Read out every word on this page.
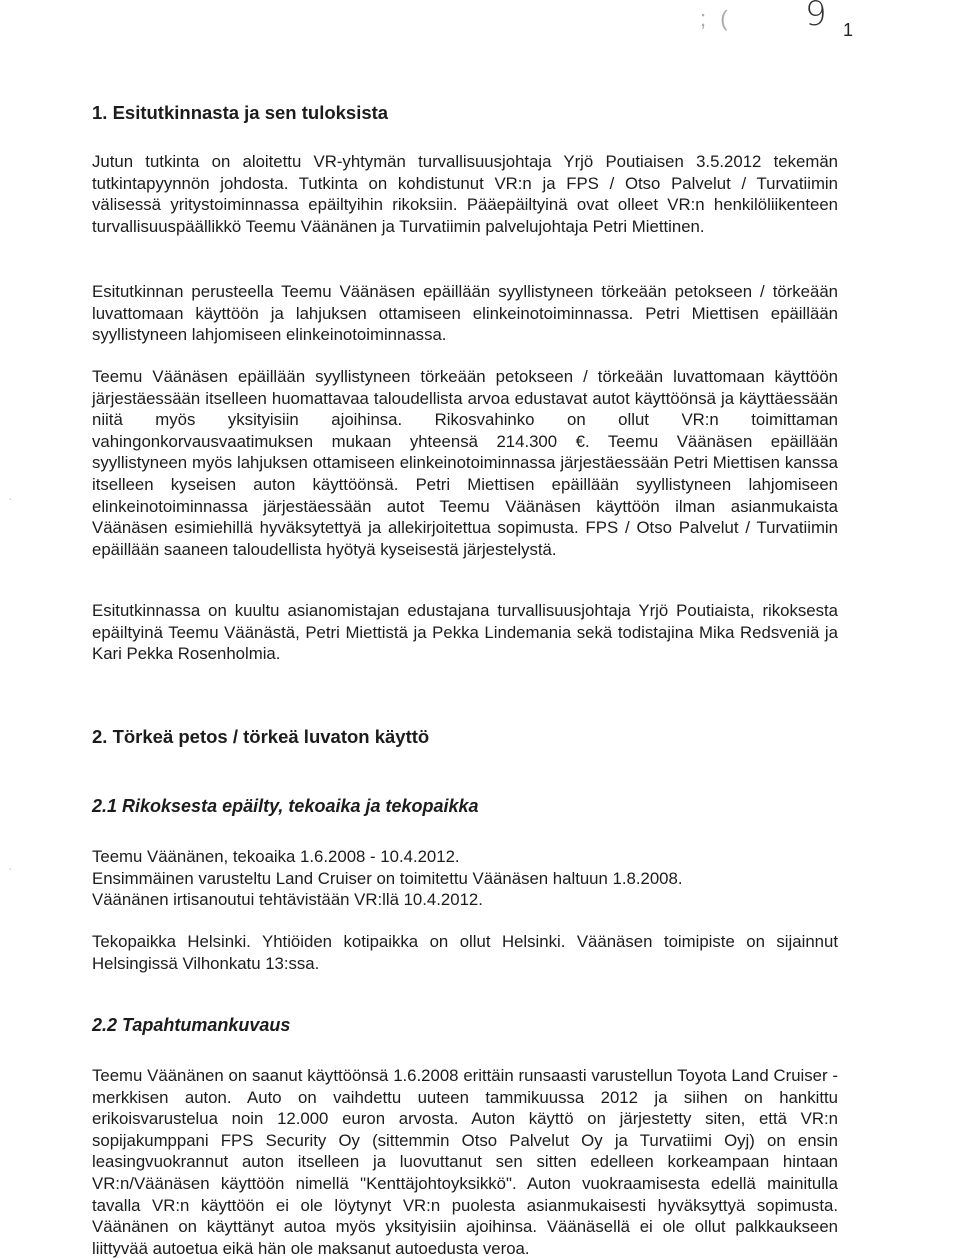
; ( 9 1
1. Esitutkinnasta ja sen tuloksista

Jutun tutkinta on aloitettu VR-yhtymän turvallisuusjohtaja Yrjö Poutiaisen 3.5.2012 tekemän tutkintapyynnön johdosta. Tutkinta on kohdistunut VR:n ja FPS / Otso Palvelut / Turvatiimin välisessä yritystoiminnassa epäiltyihin rikoksiin. Pääepäiltyinä ovat olleet VR:n henkilöliikenteen turvallisuuspäällikkö Teemu Väänänen ja Turvatiimin palvelujohtaja Petri Miettinen.

Esitutkinnan perusteella Teemu Väänäsen epäillään syyllistyneen törkeään petokseen / törkeään luvattomaan käyttöön ja lahjuksen ottamiseen elinkeinotoiminnassa. Petri Miettisen epäillään syyllistyneen lahjomiseen elinkeinotoiminnassa.

Teemu Väänäsen epäillään syyllistyneen törkeään petokseen / törkeään luvattomaan käyttöön järjestäessään itselleen huomattavaa taloudellista arvoa edustavat autot käyttöönsä ja käyttäessään niitä myös yksityisiin ajoihinsa. Rikosvahinko on ollut VR:n toimittaman vahingonkorvausvaatimuksen mukaan yhteensä 214.300 €. Teemu Väänäsen epäillään syyllistyneen myös lahjuksen ottamiseen elinkeinotoiminnassa järjestäessään Petri Miettisen kanssa itselleen kyseisen auton käyttöönsä. Petri Miettisen epäillään syyllistyneen lahjomiseen elinkeinotoiminnassa järjestäessään autot Teemu Väänäsen käyttöön ilman asianmukaista Väänäsen esimiehillä hyväksytettyä ja allekirjoitettua sopimusta. FPS / Otso Palvelut / Turvatiimin epäillään saaneen taloudellista hyötyä kyseisestä järjestelystä.

Esitutkinnassa on kuultu asianomistajan edustajana turvallisuusjohtaja Yrjö Poutiaista, rikoksesta epäiltyinä Teemu Väänästä, Petri Miettistä ja Pekka Lindemania sekä todistajina Mika Redsveniä ja Kari Pekka Rosenholmia.

2. Törkeä petos / törkeä luvaton käyttö
2.1 Rikoksesta epäilty, tekoaika ja tekopaikka

Teemu Väänänen, tekoaika 1.6.2008 - 10.4.2012.
Ensimmäinen varusteltu Land Cruiser on toimitettu Väänäsen haltuun 1.8.2008.
Väänänen irtisanoutui tehtävistään VR:llä 10.4.2012.

Tekopaikka Helsinki. Yhtiöiden kotipaikka on ollut Helsinki. Väänäsen toimipiste on sijainnut Helsingissä Vilhonkatu 13:ssa.

2.2 Tapahtumankuvaus

Teemu Väänänen on saanut käyttöönsä 1.6.2008 erittäin runsaasti varustellun Toyota Land Cruiser -merkkisen auton. Auto on vaihdettu uuteen tammikuussa 2012 ja siihen on hankittu erikoisvarustelua noin 12.000 euron arvosta. Auton käyttö on järjestetty siten, että VR:n sopijakumppani FPS Security Oy (sittemmin Otso Palvelut Oy ja Turvatiimi Oyj) on ensin leasingvuokrannut auton itselleen ja luovuttanut sen sitten edelleen korkeampaan hintaan VR:n/Väänäsen käyttöön nimellä "Kenttäjohtoyksikkö". Auton vuokraamisesta edellä mainitulla tavalla VR:n käyttöön ei ole löytynyt VR:n puolesta asianmukaisesti hyväksyttyä sopimusta. Väänänen on käyttänyt autoa myös yksityisiin ajoihinsa. Väänäsellä ei ole ollut palkkaukseen liittyvää autoetua eikä hän ole maksanut autoedusta veroa.

·
·
